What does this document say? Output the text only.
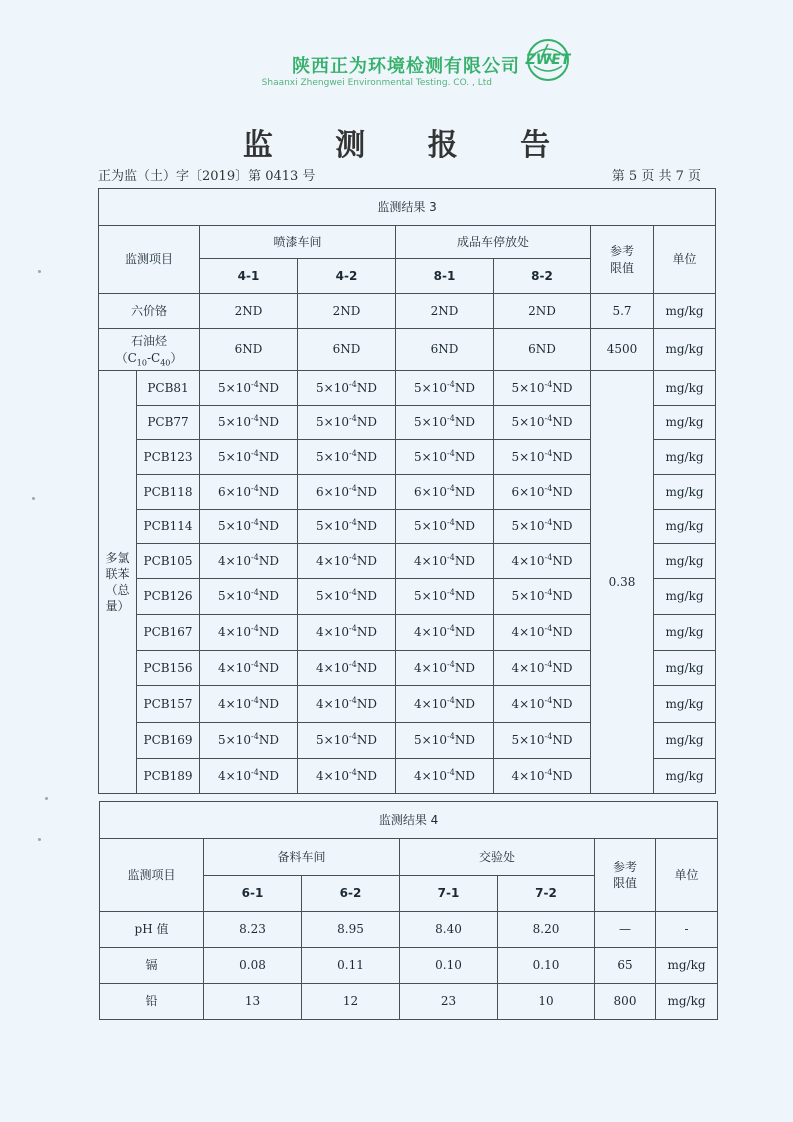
陕西正为环境检测有限公司
Shaanxi Zhengwei Environmental Testing. CO. , Ltd
ZWET
监 测 报 告
正为监（土）字〔2019〕第 0413 号	第 5 页 共 7 页
监测结果 3							
监测项目		喷漆车间		成品车停放处		参考
限值	单位
		4-1	4-2	8-1	8-2		
六价铬		2ND	2ND	2ND	2ND	5.7	mg/kg
石油烃
$(C_{10}-C_{40})$		6ND	6ND	6ND	6ND	4500	mg/kg
多氯
联苯
（总
量）	PCB81	$5\times 10^{-4}ND$	$5\times 10^{-4}ND$	$5\times 10^{-4}ND$	$5\times 10^{-4}ND$	0.38	mg/kg
	PCB77	$5\times 10^{-4}ND$	$5\times 10^{-4}ND$	$5\times 10^{-4}ND$	$5\times 10^{-4}ND$		mg/kg
	PCB123	$5\times 10^{-4}ND$	$5\times 10^{-4}ND$	$5\times 10^{-4}ND$	$5\times 10^{-4}ND$		mg/kg
	PCB118	$6\times 10^{-4}ND$	$6\times 10^{-4}ND$	$6\times 10^{-4}ND$	$6\times 10^{-4}ND$		mg/kg
	PCB114	$5\times 10^{-4}ND$	$5\times 10^{-4}ND$	$5\times 10^{-4}ND$	$5\times 10^{-4}ND$		mg/kg
	PCB105	$4\times 10^{-4}ND$	$4\times 10^{-4}ND$	$4\times 10^{-4}ND$	$4\times 10^{-4}ND$		mg/kg
	PCB126	$5\times 10^{-4}ND$	$5\times 10^{-4}ND$	$5\times 10^{-4}ND$	$5\times 10^{-4}ND$		mg/kg
	PCB167	$4\times 10^{-4}ND$	$4\times 10^{-4}ND$	$4\times 10^{-4}ND$	$4\times 10^{-4}ND$		mg/kg
	PCB156	$4\times 10^{-4}ND$	$4\times 10^{-4}ND$	$4\times 10^{-4}ND$	$4\times 10^{-4}ND$		mg/kg
	PCB157	$4\times 10^{-4}ND$	$4\times 10^{-4}ND$	$4\times 10^{-4}ND$	$4\times 10^{-4}ND$		mg/kg
	PCB169	$5\times 10^{-4}ND$	$5\times 10^{-4}ND$	$5\times 10^{-4}ND$	$5\times 10^{-4}ND$		mg/kg
	PCB189	$4\times 10^{-4}ND$	$4\times 10^{-4}ND$	$4\times 10^{-4}ND$	$4\times 10^{-4}ND$		mg/kg
监测结果 4						
监测项目	备料车间		交验处		参考
限值	单位
	6-1	6-2	7-1	7-2		
pH 值	8.23	8.95	8.40	8.20	—	-
镉	0.08	0.11	0.10	0.10	65	mg/kg
铅	13	12	23	10	800	mg/kg
